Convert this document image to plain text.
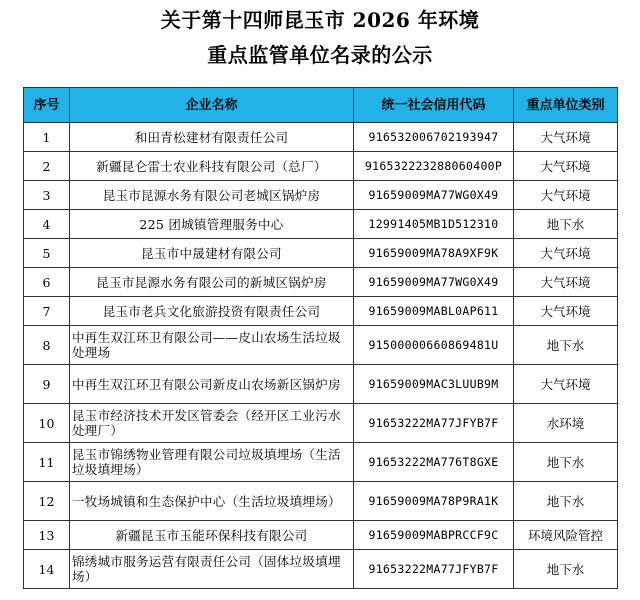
关于第十四师昆玉市 2026 年环境
重点监管单位名录的公示
序号	企业名称	统一社会信用代码	重点单位类别
1	和田青松建材有限责任公司	91653200670219394​7	大气环境
2	新疆昆仑雷士农业科技有限公司（总厂）	916532223288060400P	大气环境
3	昆玉市昆源水务有限公司老城区锅炉房	91659009MA77WG0X49	大气环境
4	225 团城镇管理服务中心	12991405MB1D512310	地下水
5	昆玉市中晟建材有限公司	91659009MA78A9XF9K	大气环境
6	昆玉市昆源水务有限公司的新城区锅炉房	91659009MA77WG0X49	大气环境
7	昆玉市老兵文化旅游投资有限责任公司	91659009MABL0AP611	大气环境
8	中再生双江环卫有限公司——皮山农场生活垃圾处理场	91500000660869481U	地下水
9	中再生双江环卫有限公司新皮山农场新区锅炉房	91659009MAC3LUUB9M	大气环境
10	昆玉市经济技术开发区管委会（经开区工业污水处理厂）	91653222MA77JFYB7F	水环境
11	昆玉市锦绣物业管理有限公司垃圾填埋场（生活垃圾填埋场）	91653222MA776T8GXE	地下水
12	一牧场城镇和生态保护中心（生活垃圾填埋场）	91659009MA78P9RA1K	地下水
13	新疆昆玉市玉能环保科技有限公司	91659009MABPRCCF9C	环境风险管控
14	锦绣城市服务运营有限责任公司（固体垃圾填埋场）	91653222MA77JFYB7F	地下水
